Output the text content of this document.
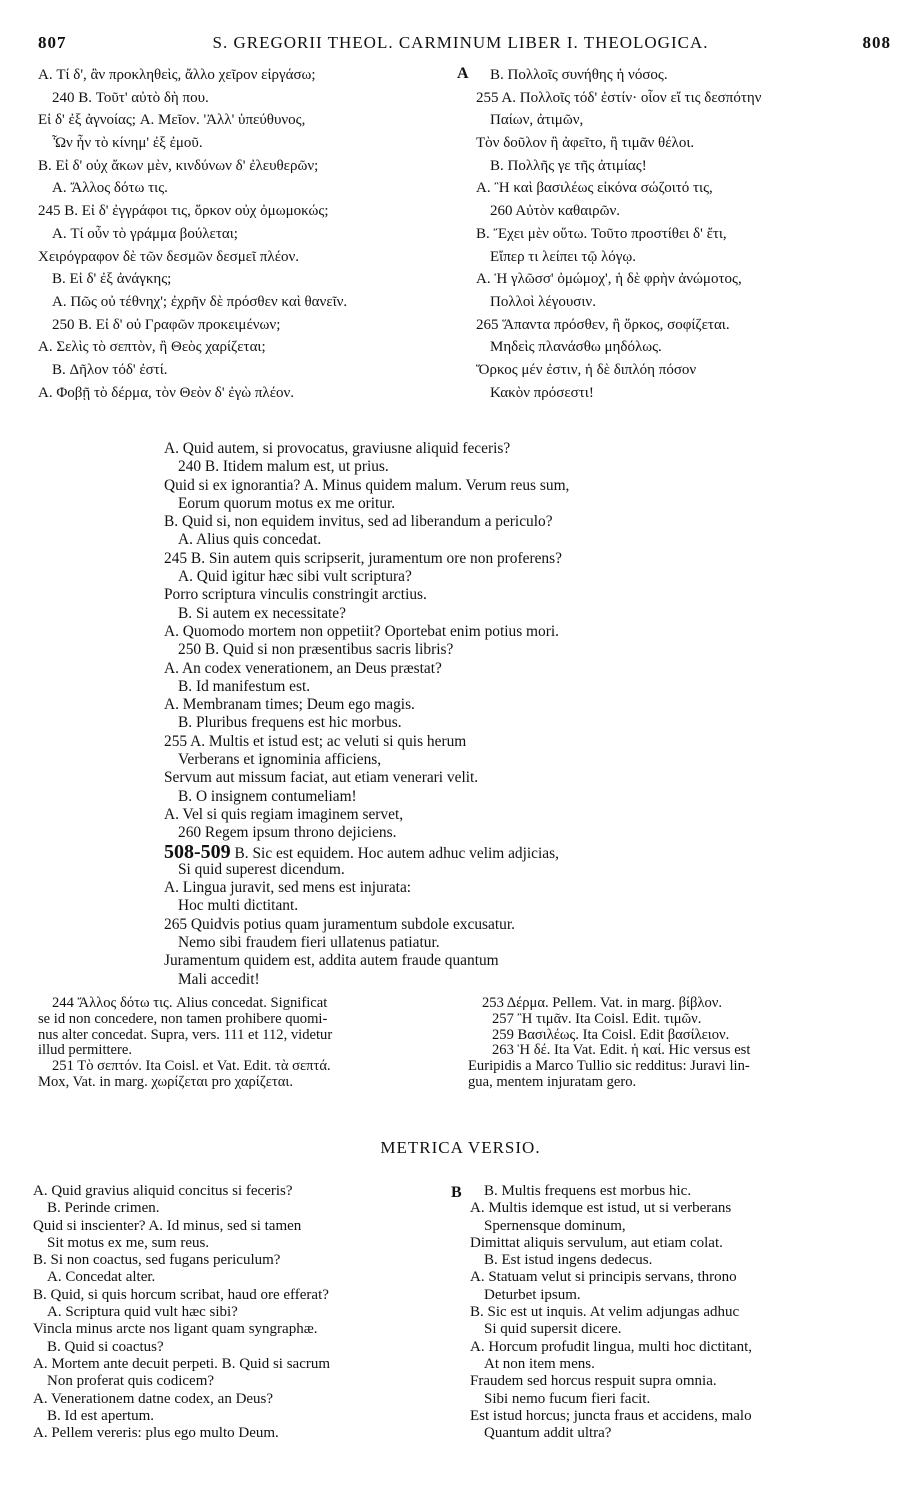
807	S. GREGORII THEOL. CARMINUM LIBER I. THEOLOGICA.	808
A
B
A. Τί δ', ἂν προκληθεὶς, ἄλλο χεῖρον εἰργάσω;
240 B. Τοῦτ' αὐτὸ δὴ που.
Εἰ δ' ἐξ ἀγνοίας; A. Μεῖον. 'Ἀλλ' ὑπεύθυνος,
Ὧν ἦν τὸ κίνημ' ἐξ ἐμοῦ.
B. Εἰ δ' οὐχ ἄκων μὲν, κινδύνων δ' ἐλευθερῶν;
A. Ἄλλος δότω τις.
245 B. Εἰ δ' ἐγγράφοι τις, ὅρκον οὐχ ὀμωμοκώς;
A. Τί οὖν τὸ γράμμα βούλεται;
Χειρόγραφον δὲ τῶν δεσμῶν δεσμεῖ πλέον.
B. Εἰ δ' ἐξ ἀνάγκης;
A. Πῶς οὐ τέθνηχ'; ἐχρῆν δὲ πρόσθεν καὶ θανεῖν.
250 B. Εἰ δ' οὐ Γραφῶν προκειμένων;
A. Σελὶς τὸ σεπτὸν, ἢ Θεὸς χαρίζεται;
B. Δῆλον τόδ' ἐστί.
A. Φοβῇ τὸ δέρμα, τὸν Θεὸν δ' ἐγὼ πλέον.
B. Πολλοῖς συνήθης ἡ νόσος.
255 A. Πολλοῖς τόδ' ἐστίν· οἷον εἴ τις δεσπότην
Παίων, ἀτιμῶν,
Τὸν δοῦλον ἢ ἀφεῖτο, ἢ τιμᾶν θέλοι.
B. Πολλῆς γε τῆς ἀτιμίας!
A. Ἢ καὶ βασιλέως εἰκόνα σώζοιτό τις,
260 Αὐτὸν καθαιρῶν.
B. Ἔχει μὲν οὕτω. Τοῦτο προστίθει δ' ἔτι,
Εἴπερ τι λείπει τῷ λόγῳ.
A. Ἡ γλῶσσ' ὀμώμοχ', ἡ δὲ φρὴν ἀνώμοτος,
Πολλοὶ λέγουσιν.
265 Ἅπαντα πρόσθεν, ἢ ὅρκος, σοφίζεται.
Μηδεὶς πλανάσθω μηδόλως.
Ὅρκος μέν ἐστιν, ἡ δὲ διπλόη πόσον
Κακὸν πρόσεστι!
A. Quid autem, si provocatus, graviusne aliquid feceris?
240 B. Itidem malum est, ut prius.
Quid si ex ignorantia? A. Minus quidem malum. Verum reus sum,
Eorum quorum motus ex me oritur.
B. Quid si, non equidem invitus, sed ad liberandum a periculo?
A. Alius quis concedat.
245 B. Sin autem quis scripserit, juramentum ore non proferens?
A. Quid igitur hæc sibi vult scriptura?
Porro scriptura vinculis constringit arctius.
B. Si autem ex necessitate?
A. Quomodo mortem non oppetiit? Oportebat enim potius mori.
250 B. Quid si non præsentibus sacris libris?
A. An codex venerationem, an Deus præstat?
B. Id manifestum est.
A. Membranam times; Deum ego magis.
B. Pluribus frequens est hic morbus.
255 A. Multis et istud est; ac veluti si quis herum
Verberans et ignominia afficiens,
Servum aut missum faciat, aut etiam venerari velit.
B. O insignem contumeliam!
A. Vel si quis regiam imaginem servet,
260 Regem ipsum throno dejiciens.
508-509 B. Sic est equidem. Hoc autem adhuc velim adjicias,
Si quid superest dicendum.
A. Lingua juravit, sed mens est injurata:
Hoc multi dictitant.
265 Quidvis potius quam juramentum subdole excusatur.
Nemo sibi fraudem fieri ullatenus patiatur.
Juramentum quidem est, addita autem fraude quantum
Mali accedit!
244 Ἄλλος δότω τις. Alius concedat. Significat
se id non concedere, non tamen prohibere quomi-
nus alter concedat. Supra, vers. 111 et 112, videtur
illud permittere.
251 Τὸ σεπτόν. Ita Coisl. et Vat. Edit. τὰ σεπτά.
Mox, Vat. in marg. χωρίζεται pro χαρίζεται.
253 Δέρμα. Pellem. Vat. in marg. βίβλον.
257 Ἢ τιμᾶν. Ita Coisl. Edit. τιμῶν.
259 Βασιλέως. Ita Coisl. Edit βασίλειον.
263 Ἡ δέ. Ita Vat. Edit. ἡ καί. Hic versus est
Euripidis a Marco Tullio sic redditus: Juravi lin-
gua, mentem injuratam gero.
METRICA VERSIO.
A. Quid gravius aliquid concitus si feceris?
B. Perinde crimen.
Quid si inscienter? A. Id minus, sed si tamen
Sit motus ex me, sum reus.
B. Si non coactus, sed fugans periculum?
A. Concedat alter.
B. Quid, si quis horcum scribat, haud ore efferat?
A. Scriptura quid vult hæc sibi?
Vincla minus arcte nos ligant quam syngraphæ.
B. Quid si coactus?
A. Mortem ante decuit perpeti. B. Quid si sacrum
Non proferat quis codicem?
A. Venerationem datne codex, an Deus?
B. Id est apertum.
A. Pellem vereris: plus ego multo Deum.
B. Multis frequens est morbus hic.
A. Multis idemque est istud, ut si verberans
Spernensque dominum,
Dimittat aliquis servulum, aut etiam colat.
B. Est istud ingens dedecus.
A. Statuam velut si principis servans, throno
Deturbet ipsum.
B. Sic est ut inquis. At velim adjungas adhuc
Si quid supersit dicere.
A. Horcum profudit lingua, multi hoc dictitant,
At non item mens.
Fraudem sed horcus respuit supra omnia.
Sibi nemo fucum fieri facit.
Est istud horcus; juncta fraus et accidens, malo
Quantum addit ultra?
